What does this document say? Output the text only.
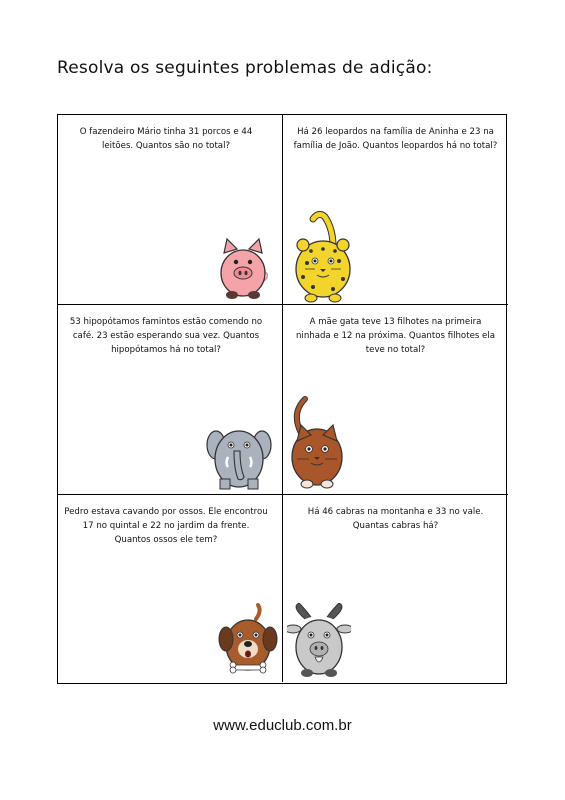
Resolva os seguintes problemas de adição:
O fazendeiro Mário tinha 31 porcos e 44 leitões. Quantos são no total?
Há 26 leopardos na família de Aninha e 23 na família de João. Quantos leopardos há no total?
53 hipopótamos famintos estão comendo no café. 23 estão esperando sua vez. Quantos hipopótamos há no total?
A mãe gata teve 13 filhotes na primeira ninhada e 12 na próxima. Quantos filhotes ela teve no total?
Pedro estava cavando por ossos. Ele encontrou 17 no quintal e 22 no jardim da frente. Quantos ossos ele tem?
Há 46 cabras na montanha e 33 no vale. Quantas cabras há?
www.educlub.com.br
